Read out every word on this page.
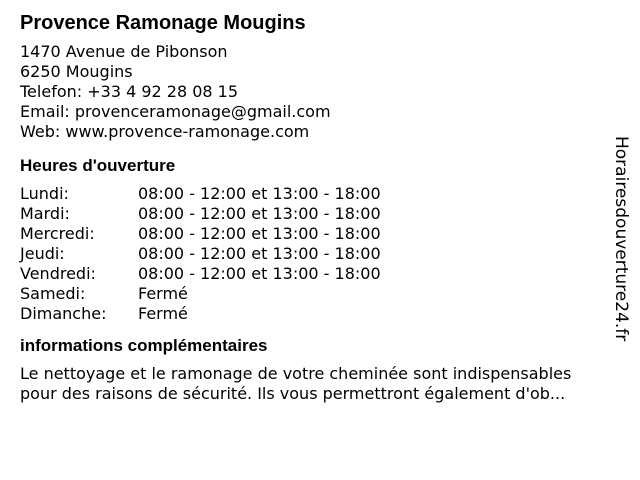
Provence Ramonage Mougins
1470 Avenue de Pibonson
6250 Mougins
Telefon: +33 4 92 28 08 15
Email: provenceramonage@gmail.com
Web: www.provence-ramonage.com
Heures d'ouverture
Lundi:	08:00 - 12:00 et 13:00 - 18:00
Mardi:	08:00 - 12:00 et 13:00 - 18:00
Mercredi:	08:00 - 12:00 et 13:00 - 18:00
Jeudi:	08:00 - 12:00 et 13:00 - 18:00
Vendredi:	08:00 - 12:00 et 13:00 - 18:00
Samedi:	Fermé
Dimanche:	Fermé
informations complémentaires
Le nettoyage et le ramonage de votre cheminée sont indispensables
pour des raisons de sécurité. Ils vous permettront également d'ob...
Horairesdouverture24.fr
